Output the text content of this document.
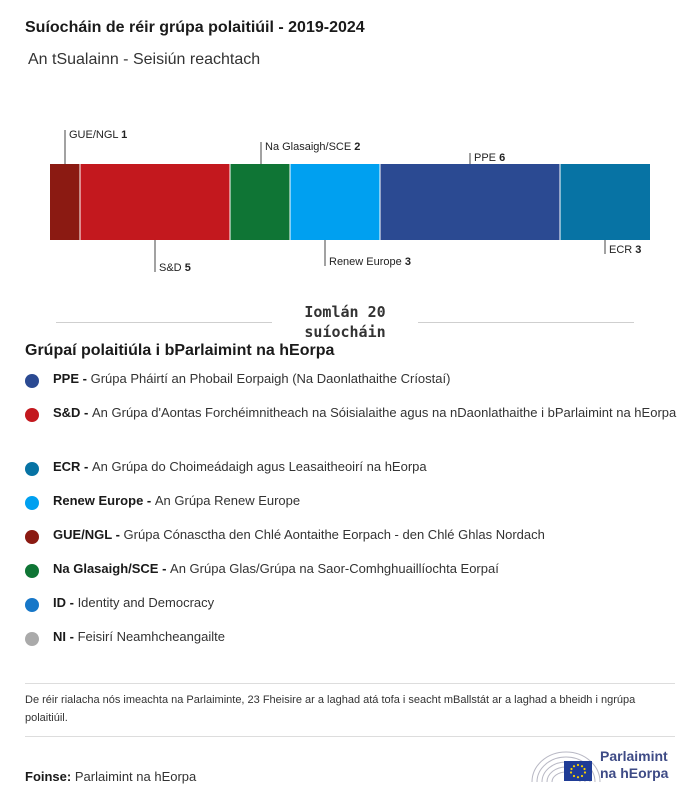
Suíocháin de réir grúpa polaitiúil - 2019-2024

An tSualainn - Seisiún reachtach

GUE/NGL 1
S&D 5
Na Glasaigh/SCE 2
Renew Europe 3
PPE 6
ECR 3
Iomlán 20
suíocháin
Grúpaí polaitiúla i bParlaimint na hEorpa
PPE - Grúpa Pháirtí an Phobail Eorpaigh (Na Daonlathaithe Críostaí)
S&D - An Grúpa d'Aontas Forchéimnitheach na Sóisialaithe agus na nDaonlathaithe i bParlaimint na hEorpa
ECR - An Grúpa do Choimeádaigh agus Leasaitheoirí na hEorpa
Renew Europe - An Grúpa Renew Europe
GUE/NGL - Grúpa Cónasctha den Chlé Aontaithe Eorpach - den Chlé Ghlas Nordach
Na Glasaigh/SCE - An Grúpa Glas/Grúpa na Saor-Comhghuaillíochta Eorpaí
ID - Identity and Democracy
NI - Feisirí Neamhcheangailte

De réir rialacha nós imeachta na Parlaiminte, 23 Fheisire ar a laghad atá tofa i seacht mBallstát ar a laghad a bheidh i ngrúpa polaitiúil.

Foinse: Parlaimint na hEorpa

Parlaimint
na hEorpa
